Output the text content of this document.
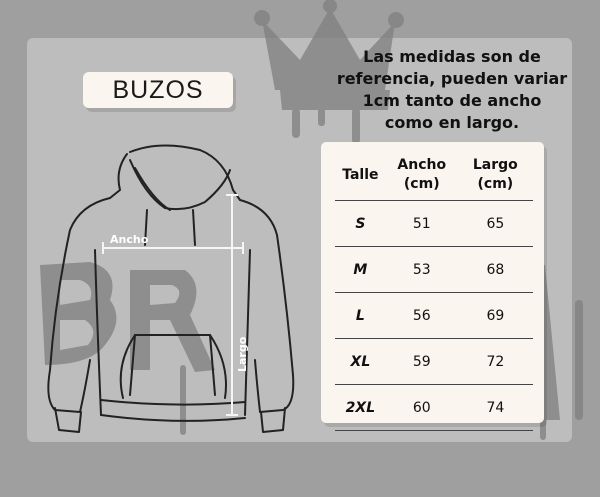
BUZOS
Las medidas son de referencia, pueden variar 1cm tanto de ancho como en largo.
Ancho
Largo
Talle	Ancho (cm)	Largo (cm)
S	51	65
M	53	68
L	56	69
XL	59	72
2XL	60	74
